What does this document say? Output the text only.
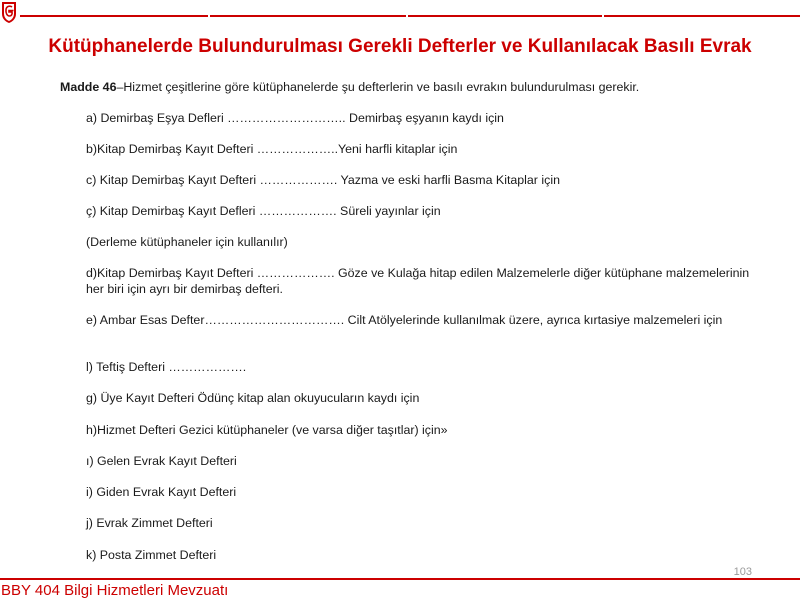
Kütüphanelerde Bulundurulması Gerekli Defterler ve Kullanılacak Basılı Evrak
Madde 46–Hizmet çeşitlerine göre kütüphanelerde şu defterlerin ve basılı evrakın bulundurulması gerekir.
a) Demirbaş Eşya Defleri ……………………….. Demirbaş eşyanın kaydı için
b)Kitap Demirbaş Kayıt Defteri ………………..Yeni harfli kitaplar için
c) Kitap Demirbaş Kayıt Defteri ………………. Yazma ve eski harfli Basma Kitaplar için
ç) Kitap Demirbaş Kayıt Defleri ………………. Süreli yayınlar için
(Derleme kütüphaneler için kullanılır)
d)Kitap Demirbaş Kayıt Defteri ………………. Göze ve Kulağa hitap edilen Malzemelerle diğer kütüphane malzemelerinin her biri için ayrı bir demirbaş defteri.
e) Ambar Esas Defter……………………………. Cilt Atölyelerinde kullanılmak üzere, ayrıca kırtasiye malzemeleri için
l) Teftiş Defteri ……………….
g) Üye Kayıt Defteri Ödünç kitap alan okuyucuların kaydı için
h)Hizmet Defteri Gezici kütüphaneler (ve varsa diğer taşıtlar) için»
ı) Gelen Evrak Kayıt Defteri
i) Giden Evrak Kayıt Defteri
j) Evrak Zimmet Defteri
k) Posta Zimmet Defteri
103
BBY 404 Bilgi Hizmetleri Mevzuatı
